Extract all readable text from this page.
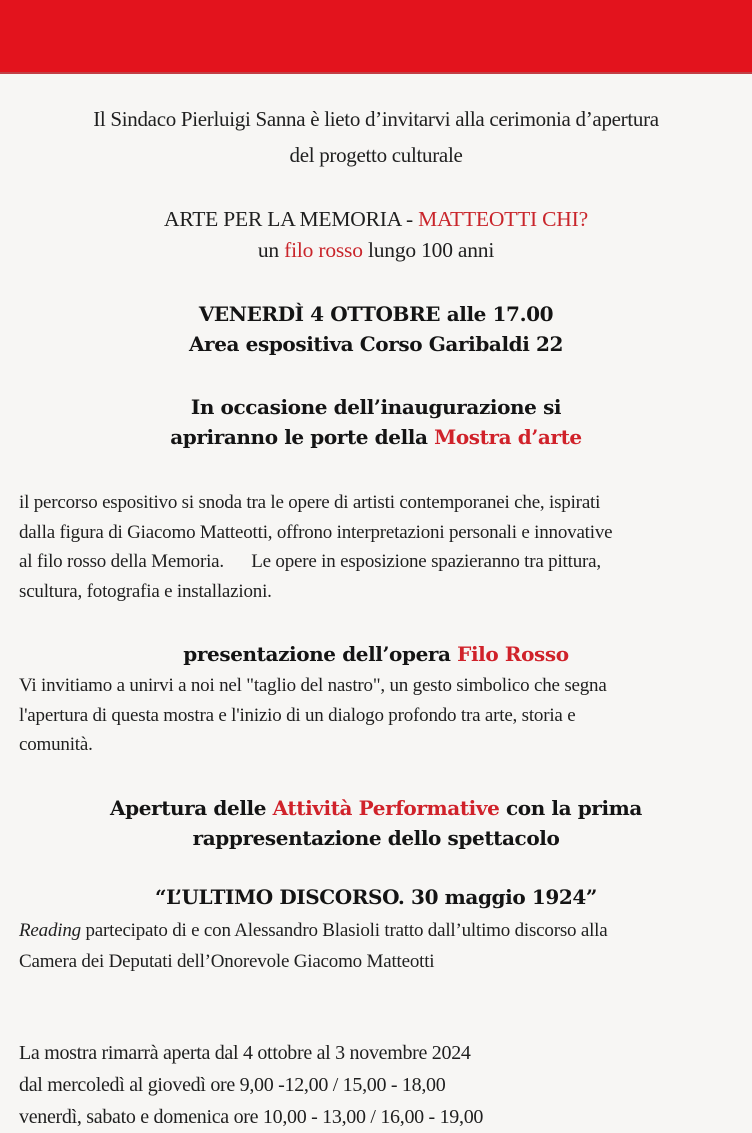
Il Sindaco Pierluigi Sanna è lieto d’invitarvi alla cerimonia d’apertura
del progetto culturale
ARTE PER LA MEMORIA - MATTEOTTI CHI?
un filo rosso lungo 100 anni
VENERDÌ 4 OTTOBRE alle 17.00
Area espositiva Corso Garibaldi 22
In occasione dell’inaugurazione si
apriranno le porte della Mostra d’arte
il percorso espositivo si snoda tra le opere di artisti contemporanei che, ispirati
dalla figura di Giacomo Matteotti, offrono interpretazioni personali e innovative
al filo rosso della Memoria.      Le opere in esposizione spazieranno tra pittura,
scultura, fotografia e installazioni.
presentazione dell’opera Filo Rosso
Vi invitiamo a unirvi a noi nel "taglio del nastro", un gesto simbolico che segna
l'apertura di questa mostra e l'inizio di un dialogo profondo tra arte, storia e
comunità.
Apertura delle Attività Performative con la prima
rappresentazione dello spettacolo
“L’ULTIMO DISCORSO. 30 maggio 1924”
Reading partecipato di e con Alessandro Blasioli tratto dall’ultimo discorso alla
Camera dei Deputati dell’Onorevole Giacomo Matteotti
La mostra rimarrà aperta dal 4 ottobre al 3 novembre 2024
dal mercoledì al giovedì ore 9,00 -12,00 / 15,00 - 18,00
venerdì, sabato e domenica ore 10,00 - 13,00 / 16,00 - 19,00
